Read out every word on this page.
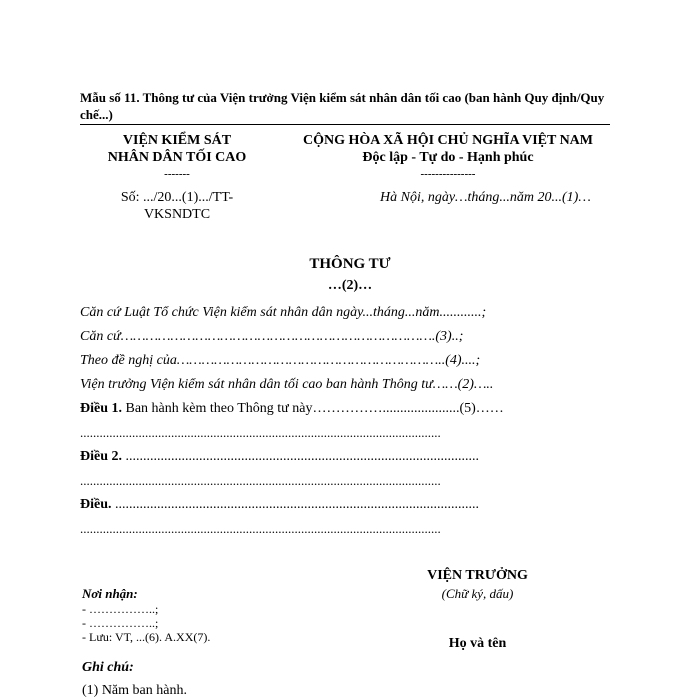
Mẫu số 11. Thông tư của Viện trưởng Viện kiểm sát nhân dân tối cao (ban hành Quy định/Quy chế...)
VIỆN KIỂM SÁT
NHÂN DÂN TỐI CAO
-------
Số: .../20...(1).../TT-
VKSNDTC
CỘNG HÒA XÃ HỘI CHỦ NGHĨA VIỆT NAM
Độc lập - Tự do - Hạnh phúc
---------------
Hà Nội, ngày…tháng...năm 20...(1)…
THÔNG TƯ
…(2)…
Căn cứ Luật Tổ chức Viện kiểm sát nhân dân ngày...tháng...năm............;
Căn cứ………………………………………………………………….(3)..;
Theo đề nghị của………………………………………………………..(4)....;
Viện trưởng Viện kiểm sát nhân dân tối cao ban hành Thông tư……(2)…..
Điều 1. Ban hành kèm theo Thông tư này……………......................(5)……
...............................................................................................................
Điều 2. .....................................................................................................
...............................................................................................................
Điều. ........................................................................................................
...............................................................................................................
Nơi nhận:
- ……………..;
- ……………..;
- Lưu: VT, ...(6). A.XX(7).
VIỆN TRƯỞNG
(Chữ ký, dấu)
Họ và tên
Ghi chú:
(1) Năm ban hành.
